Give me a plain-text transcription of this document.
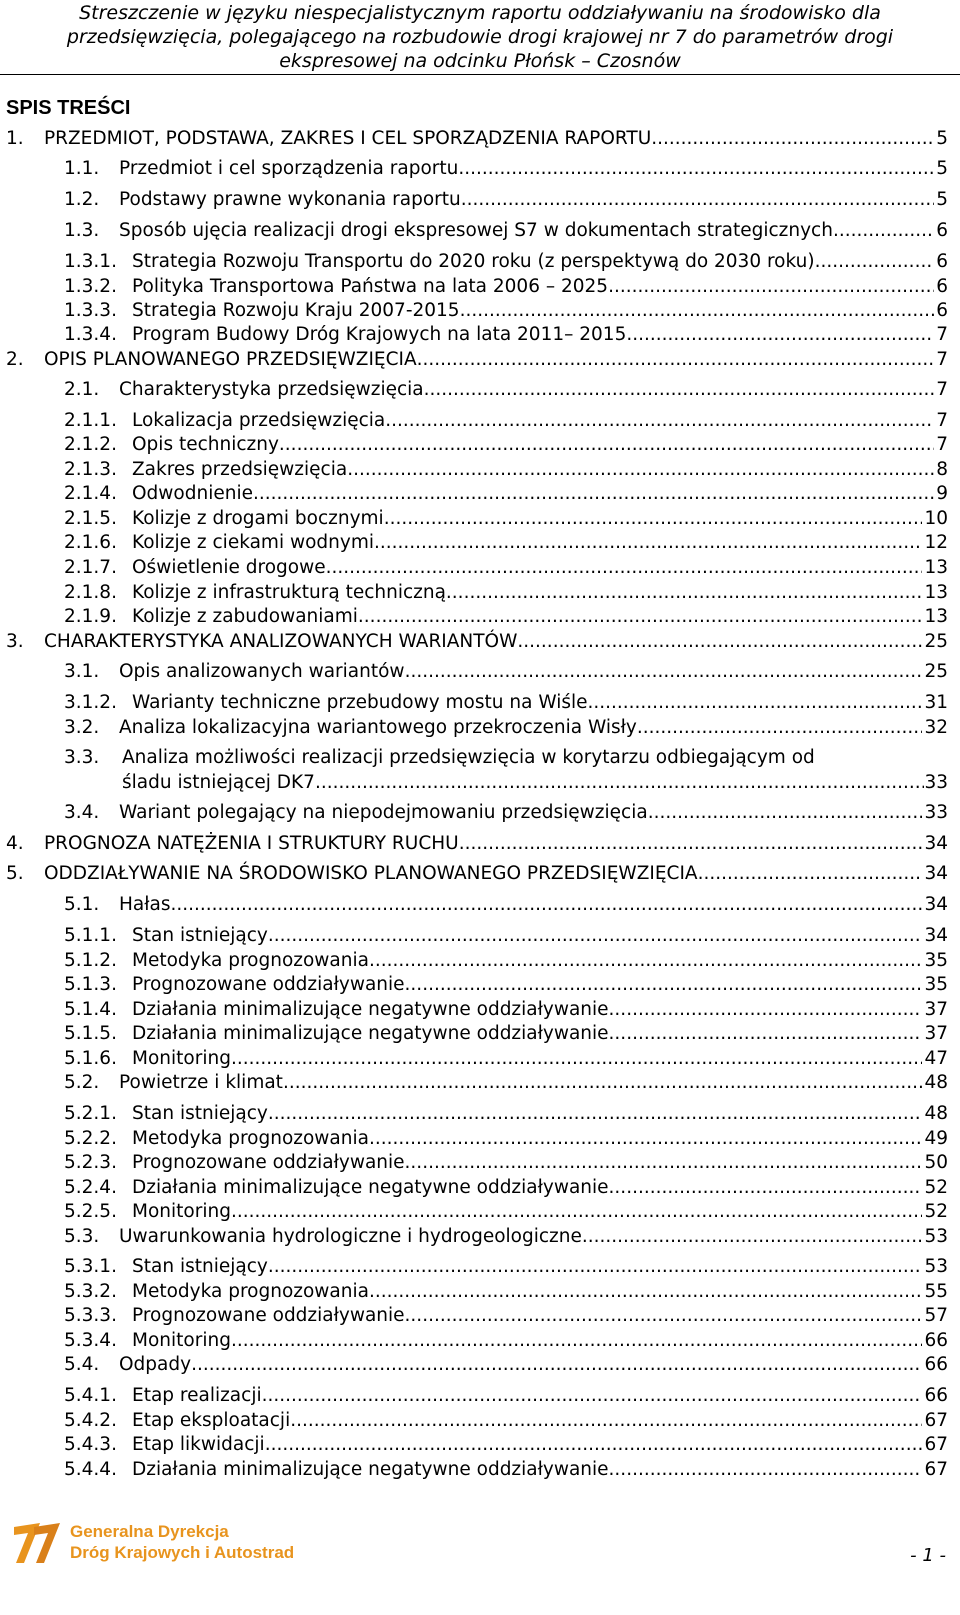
Streszczenie w języku niespecjalistycznym raportu oddziaływaniu na środowisko dla
przedsięwzięcia, polegającego na rozbudowie drogi krajowej nr 7 do parametrów drogi
ekspresowej na odcinku Płońsk – Czosnów
SPIS TREŚCI
1.	PRZEDMIOT, PODSTAWA, ZAKRES I CEL SPORZĄDZENIA RAPORTU .....	5
1.1.	Przedmiot i cel sporządzenia raportu .....	5
1.2.	Podstawy prawne wykonania raportu .....	5
1.3.	Sposób ujęcia realizacji drogi ekspresowej S7 w dokumentach strategicznych .....	6
1.3.1. Strategia Rozwoju Transportu do 2020 roku (z perspektywą do 2030 roku) .....	6
1.3.2. Polityka Transportowa Państwa na lata 2006 – 2025 .....	6
1.3.3. Strategia Rozwoju Kraju 2007-2015 .....	6
1.3.4. Program Budowy Dróg Krajowych na lata 2011– 2015 .....	7
2.	OPIS PLANOWANEGO PRZEDSIĘWZIĘCIA .....	7
2.1.	Charakterystyka przedsięwzięcia .....	7
2.1.1. Lokalizacja przedsięwzięcia .....	7
2.1.2. Opis techniczny .....	7
2.1.3. Zakres przedsięwzięcia .....	8
2.1.4. Odwodnienie .....	9
2.1.5. Kolizje z drogami bocznymi .....	10
2.1.6. Kolizje z ciekami wodnymi .....	12
2.1.7. Oświetlenie drogowe .....	13
2.1.8. Kolizje z infrastrukturą techniczną .....	13
2.1.9. Kolizje z zabudowaniami .....	13
3.	CHARAKTERYSTYKA ANALIZOWANYCH WARIANTÓW .....	25
3.1.	Opis analizowanych wariantów .....	25
3.1.2. Warianty techniczne przebudowy mostu na Wiśle .....	31
3.2.	Analiza lokalizacyjna wariantowego przekroczenia Wisły .....	32
3.3. Analiza możliwości realizacji przedsięwzięcia w korytarzu odbiegającym od
śladu istniejącej DK7 .....	33
3.4.	Wariant polegający na niepodejmowaniu przedsięwzięcia .....	33
4.	PROGNOZA NATĘŻENIA I STRUKTURY RUCHU .....	34
5.	ODDZIAŁYWANIE NA ŚRODOWISKO PLANOWANEGO PRZEDSIĘWZIĘCIA .....	34
5.1.	Hałas .....	34
5.1.1. Stan istniejący .....	34
5.1.2. Metodyka prognozowania .....	35
5.1.3. Prognozowane oddziaływanie .....	35
5.1.4. Działania minimalizujące negatywne oddziaływanie .....	37
5.1.5. Działania minimalizujące negatywne oddziaływanie .....	37
5.1.6. Monitoring .....	47
5.2.	Powietrze i klimat .....	48
5.2.1. Stan istniejący .....	48
5.2.2. Metodyka prognozowania .....	49
5.2.3. Prognozowane oddziaływanie .....	50
5.2.4. Działania minimalizujące negatywne oddziaływanie .....	52
5.2.5. Monitoring .....	52
5.3.	Uwarunkowania hydrologiczne i hydrogeologiczne .....	53
5.3.1. Stan istniejący .....	53
5.3.2. Metodyka prognozowania .....	55
5.3.3. Prognozowane oddziaływanie .....	57
5.3.4. Monitoring .....	66
5.4.	Odpady .....	66
5.4.1. Etap realizacji .....	66
5.4.2. Etap eksploatacji .....	67
5.4.3. Etap likwidacji .....	67
5.4.4. Działania minimalizujące negatywne oddziaływanie .....	67
Generalna Dyrekcja
Dróg Krajowych i Autostrad	- 1 -
